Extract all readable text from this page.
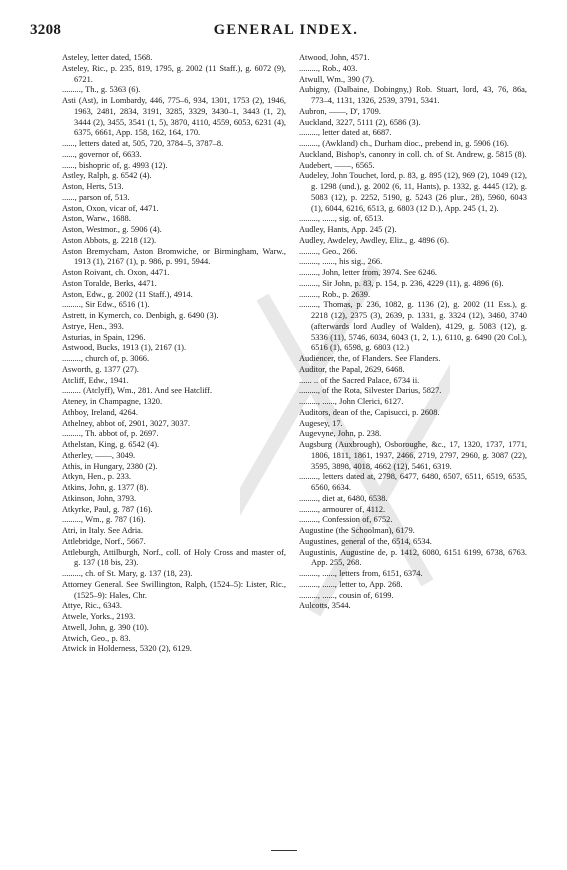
3208	GENERAL INDEX.

Asteley, letter dated, 1568.

Asteley, Ric., p. 235, 819, 1795, g. 2002 (11 Staff.), g. 6072 (9), 6721.

........., Th., g. 5363 (6).

Asti (Ast), in Lombardy, 446, 775–6, 934, 1301, 1753 (2), 1946, 1963, 2481, 2834, 3191, 3285, 3329, 3430–1, 3443 (1, 2), 3444 (2), 3455, 3541 (1, 5), 3870, 4110, 4559, 6053, 6231 (4), 6375, 6661, App. 158, 162, 164, 170.

......, letters dated at, 505, 720, 3784–5, 3787–8.

......, governor of, 6633.

......, bishopric of, g. 4993 (12).

Astley, Ralph, g. 6542 (4).

Aston, Herts, 513.

......, parson of, 513.

Aston, Oxon, vicar of, 4471.

Aston, Warw., 1688.

Aston, Westmor., g. 5906 (4).

Aston Abbots, g. 2218 (12).

Aston Bremycham, Aston Bromwiche, or Birmingham, Warw., 1913 (1), 2167 (1), p. 986, p. 991, 5944.

Aston Roivant, ch. Oxon, 4471.

Aston Toralde, Berks, 4471.

Aston, Edw., g. 2002 (11 Staff.), 4914.

........., Sir Edw., 6516 (1).

Astrett, in Kymerch, co. Denbigh, g. 6490 (3).

Astrye, Hen., 393.

Asturias, in Spain, 1296.

Astwood, Bucks, 1913 (1), 2167 (1).

........., church of, p. 3066.

Asworth, g. 1377 (27).

Atcliff, Edw., 1941.

......... (Atclyff), Wm., 281. And see Hatcliff.

Ateney, in Champagne, 1320.

Athboy, Ireland, 4264.

Athelney, abbot of, 2901, 3027, 3037.

........., Th. abbot of, p. 2697.

Athelstan, King, g. 6542 (4).

Atherley, ——, 3049.

Athis, in Hungary, 2380 (2).

Atkyn, Hen., p. 233.

Atkins, John, g. 1377 (8).

Atkinson, John, 3793.

Atkyrke, Paul, g. 787 (16).

........., Wm., g. 787 (16).

Atri, in Italy. See Adria.

Attlebridge, Norf., 5667.

Attleburgh, Attilburgh, Norf., coll. of Holy Cross and master of, g. 137 (18 bis, 23).

........., ch. of St. Mary, g. 137 (18, 23).

Attorney General. See Swillington, Ralph, (1524–5): Lister, Ric., (1525–9): Hales, Chr.

Attye, Ric., 6343.

Atwele, Yorks., 2193.

Atwell, John, g. 390 (10).

Atwich, Geo., p. 83.

Atwick in Holderness, 5320 (2), 6129.

Atwood, John, 4571.

........., Rob., 403.

Atwull, Wm., 390 (7).

Aubigny, (Dalbaine, Dobingny,) Rob. Stuart, lord, 43, 76, 86a, 773–4, 1131, 1326, 2539, 3791, 5341.

Aubron, ——, D', 1709.

Auckland, 3227, 5111 (2), 6586 (3).

........., letter dated at, 6687.

........., (Awkland) ch., Durham dioc., prebend in, g. 5906 (16).

Auckland, Bishop's, canonry in coll. ch. of St. Andrew, g. 5815 (8).

Audebert, ——, 6565.

Audeley, John Touchet, lord, p. 83, g. 895 (12), 969 (2), 1049 (12), g. 1298 (und.), g. 2002 (6, 11, Hants), p. 1332, g. 4445 (12), g. 5083 (12), p. 2252, 5190, g. 5243 (26 plur., 28), 5960, 6043 (1), 6044, 6216, 6513, g. 6803 (12 D.), App. 245 (1, 2).

........., ......, sig. of, 6513.

Audley, Hants, App. 245 (2).

Audley, Awdeley, Awdley, Eliz., g. 4896 (6).

........., Geo., 266.

........., ......, his sig., 266.

........., John, letter from, 3974. See 6246.

........., Sir John, p. 83, p. 154, p. 236, 4229 (11), g. 4896 (6).

........., Rob., p. 2639.

........., Thomas, p. 236, 1082, g. 1136 (2), g. 2002 (11 Ess.), g. 2218 (12), 2375 (3), 2639, p. 1331, g. 3324 (12), 3460, 3740 (afterwards lord Audley of Walden), 4129, g. 5083 (12), g. 5336 (11), 5746, 6034, 6043 (1, 2, 1.), 6110, g. 6490 (20 Col.), 6516 (1), 6598, g. 6803 (12.)

Audiencer, the, of Flanders. See Flanders.

Auditor, the Papal, 2629, 6468.

...... .. of the Sacred Palace, 6734 ii.

........., of the Rota, Silvester Darius, 5827.

........., ......, John Clerici, 6127.

Auditors, dean of the, Capisucci, p. 2608.

Augesey, 17.

Augevyne, John, p. 238.

Augsburg (Auxbrough), Osboroughe, &c., 17, 1320, 1737, 1771, 1806, 1811, 1861, 1937, 2466, 2719, 2797, 2960, g. 3087 (22), 3595, 3898, 4018, 4662 (12), 5461, 6319.

........., letters dated at, 2798, 6477, 6480, 6507, 6511, 6519, 6535, 6560, 6634.

........., diet at, 6480, 6538.

........., armourer of, 4112.

........., Confession of, 6752.

Augustine (the Schoolman), 6179.

Augustines, general of the, 6514, 6534.

Augustinis, Augustine de, p. 1412, 6080, 6151 6199, 6738, 6763. App. 255, 268.

........., ......, letters from, 6151, 6374.

........., ......, letter to, App. 268.

........., ......, cousin of, 6199.

Aulcotts, 3544.
